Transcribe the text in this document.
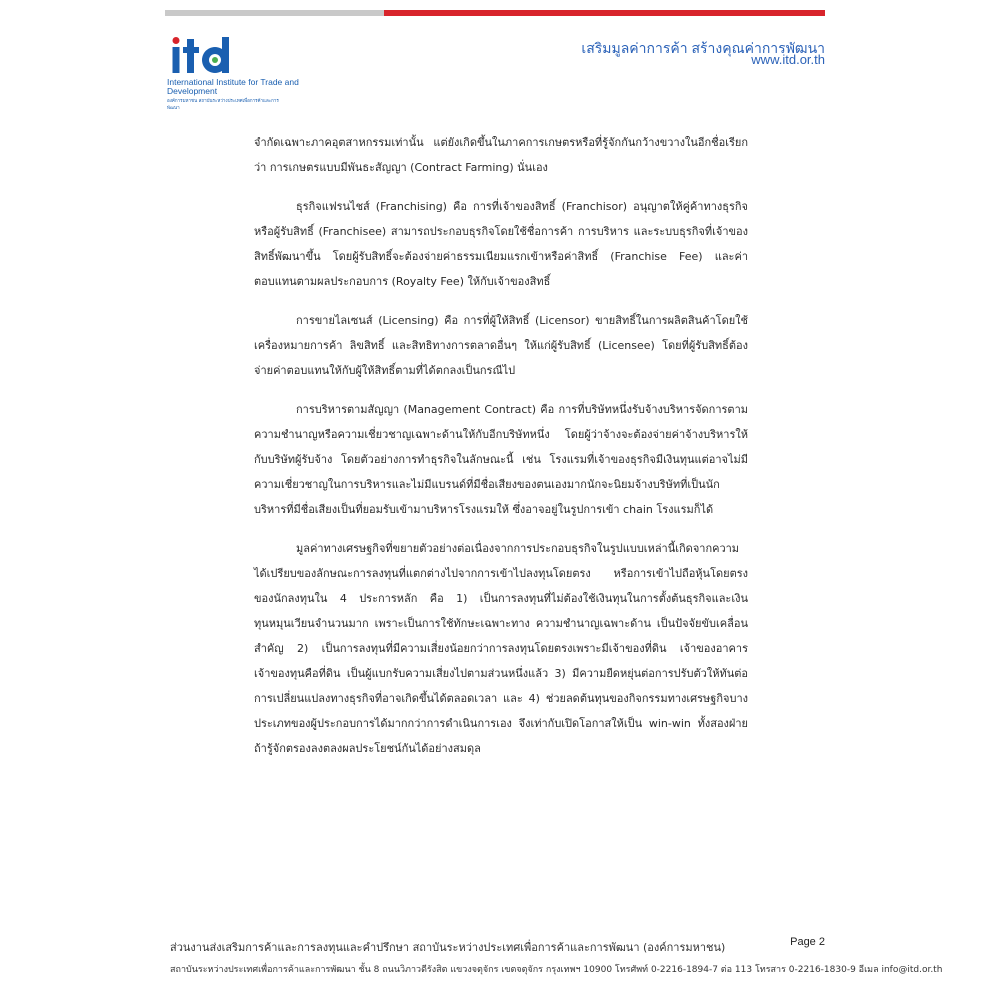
International Institute for Trade and Development
องค์การมหาชน สถาบันระหว่างประเทศเพื่อการค้าและการพัฒนา
เสริมมูลค่าการค้า สร้างคุณค่าการพัฒนา
www.itd.or.th

จำกัดเฉพาะภาคอุตสาหกรรมเท่านั้น แต่ยังเกิดขึ้นในภาคการเกษตรหรือที่รู้จักกันกว้างขวางในอีกชื่อเรียกว่า การเกษตรแบบมีพันธะสัญญา (Contract Farming) นั่นเอง

ธุรกิจแฟรนไชส์ (Franchising) คือ การที่เจ้าของสิทธิ์ (Franchisor) อนุญาตให้คู่ค้าทางธุรกิจหรือผู้รับสิทธิ์ (Franchisee) สามารถประกอบธุรกิจโดยใช้ชื่อการค้า การบริหาร และระบบธุรกิจที่เจ้าของสิทธิ์พัฒนาขึ้น โดยผู้รับสิทธิ์จะต้องจ่ายค่าธรรมเนียมแรกเข้าหรือค่าสิทธิ์ (Franchise Fee) และค่าตอบแทนตามผลประกอบการ (Royalty Fee) ให้กับเจ้าของสิทธิ์

การขายไลเซนส์ (Licensing) คือ การที่ผู้ให้สิทธิ์ (Licensor) ขายสิทธิ์ในการผลิตสินค้าโดยใช้เครื่องหมายการค้า ลิขสิทธิ์ และสิทธิทางการตลาดอื่นๆ ให้แก่ผู้รับสิทธิ์ (Licensee) โดยที่ผู้รับสิทธิ์ต้องจ่ายค่าตอบแทนให้กับผู้ให้สิทธิ์ตามที่ได้ตกลงเป็นกรณีไป

การบริหารตามสัญญา (Management Contract) คือ การที่บริษัทหนึ่งรับจ้างบริหารจัดการตามความชำนาญหรือความเชี่ยวชาญเฉพาะด้านให้กับอีกบริษัทหนึ่ง โดยผู้ว่าจ้างจะต้องจ่ายค่าจ้างบริหารให้กับบริษัทผู้รับจ้าง โดยตัวอย่างการทำธุรกิจในลักษณะนี้ เช่น โรงแรมที่เจ้าของธุรกิจมีเงินทุนแต่อาจไม่มีความเชี่ยวชาญในการบริหารและไม่มีแบรนด์ที่มีชื่อเสียงของตนเองมากนักจะนิยมจ้างบริษัทที่เป็นนักบริหารที่มีชื่อเสียงเป็นที่ยอมรับเข้ามาบริหารโรงแรมให้ ซึ่งอาจอยู่ในรูปการเข้า chain โรงแรมก็ได้

มูลค่าทางเศรษฐกิจที่ขยายตัวอย่างต่อเนื่องจากการประกอบธุรกิจในรูปแบบเหล่านี้เกิดจากความได้เปรียบของลักษณะการลงทุนที่แตกต่างไปจากการเข้าไปลงทุนโดยตรง หรือการเข้าไปถือหุ้นโดยตรงของนักลงทุนใน 4 ประการหลัก คือ 1) เป็นการลงทุนที่ไม่ต้องใช้เงินทุนในการตั้งต้นธุรกิจและเงินทุนหมุนเวียนจำนวนมาก เพราะเป็นการใช้ทักษะเฉพาะทาง ความชำนาญเฉพาะด้าน เป็นปัจจัยขับเคลื่อนสำคัญ 2) เป็นการลงทุนที่มีความเสี่ยงน้อยกว่าการลงทุนโดยตรงเพราะมีเจ้าของที่ดิน เจ้าของอาคาร เจ้าของทุนคือที่ดิน เป็นผู้แบกรับความเสี่ยงไปตามส่วนหนึ่งแล้ว 3) มีความยืดหยุ่นต่อการปรับตัวให้ทันต่อการเปลี่ยนแปลงทางธุรกิจที่อาจเกิดขึ้นได้ตลอดเวลา และ 4) ช่วยลดต้นทุนของกิจกรรมทางเศรษฐกิจบางประเภทของผู้ประกอบการได้มากกว่าการดำเนินการเอง จึงเท่ากับเปิดโอกาสให้เป็น win-win ทั้งสองฝ่าย ถ้ารู้จักตรองลงตลงผลประโยชน์กันได้อย่างสมดุล

ส่วนงานส่งเสริมการค้าและการลงทุนและคำปรึกษา สถาบันระหว่างประเทศเพื่อการค้าและการพัฒนา (องค์การมหาชน)
สถาบันระหว่างประเทศเพื่อการค้าและการพัฒนา ชั้น 8 ถนนวิภาวดีรังสิต แขวงจตุจักร เขตจตุจักร กรุงเทพฯ 10900 โทรศัพท์ 0-2216-1894-7 ต่อ 113 โทรสาร 0-2216-1830-9 อีเมล info@itd.or.th
Page 2
